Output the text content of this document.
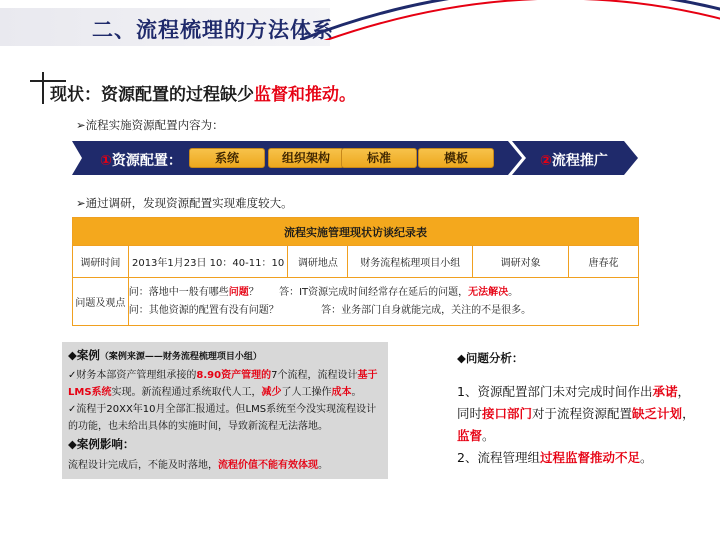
二、流程梳理的方法体系
现状：资源配置的过程缺少监督和推动。
➢流程实施资源配置内容为：
①资源配置：	系统	组织架构	标准	模板	②流程推广
➢通过调研，发现资源配置实现难度较大。
流程实施管理现状访谈纪录表					
调研时间	2013年1月23日 10：40-11：10	调研地点	财务流程梳理项目小组	调研对象	唐春花
问题及观点	问：落地中一般有哪些问题？ 答：IT资源完成时间经常存在延后的问题，无法解决。
问：其他资源的配置有没有问题？ 答：业务部门自身就能完成，关注的不是很多。				
◆案例（案例来源——财务流程梳理项目小组）
✓财务本部资产管理组承接的8.90资产管理的7个流程，流程设计基于
LMS系统实现。新流程通过系统取代人工，减少了人工操作成本。
✓流程于20XX年10月全部汇报通过。但LMS系统至今没实现流程设计
的功能，也未给出具体的实施时间，导致新流程无法落地。
◆案例影响：
流程设计完成后，不能及时落地，流程价值不能有效体现。
◆问题分析：
1、资源配置部门未对完成时间作出承诺，
同时接口部门对于流程资源配置缺乏计划，
监督。
2、流程管理组过程监督推动不足。
